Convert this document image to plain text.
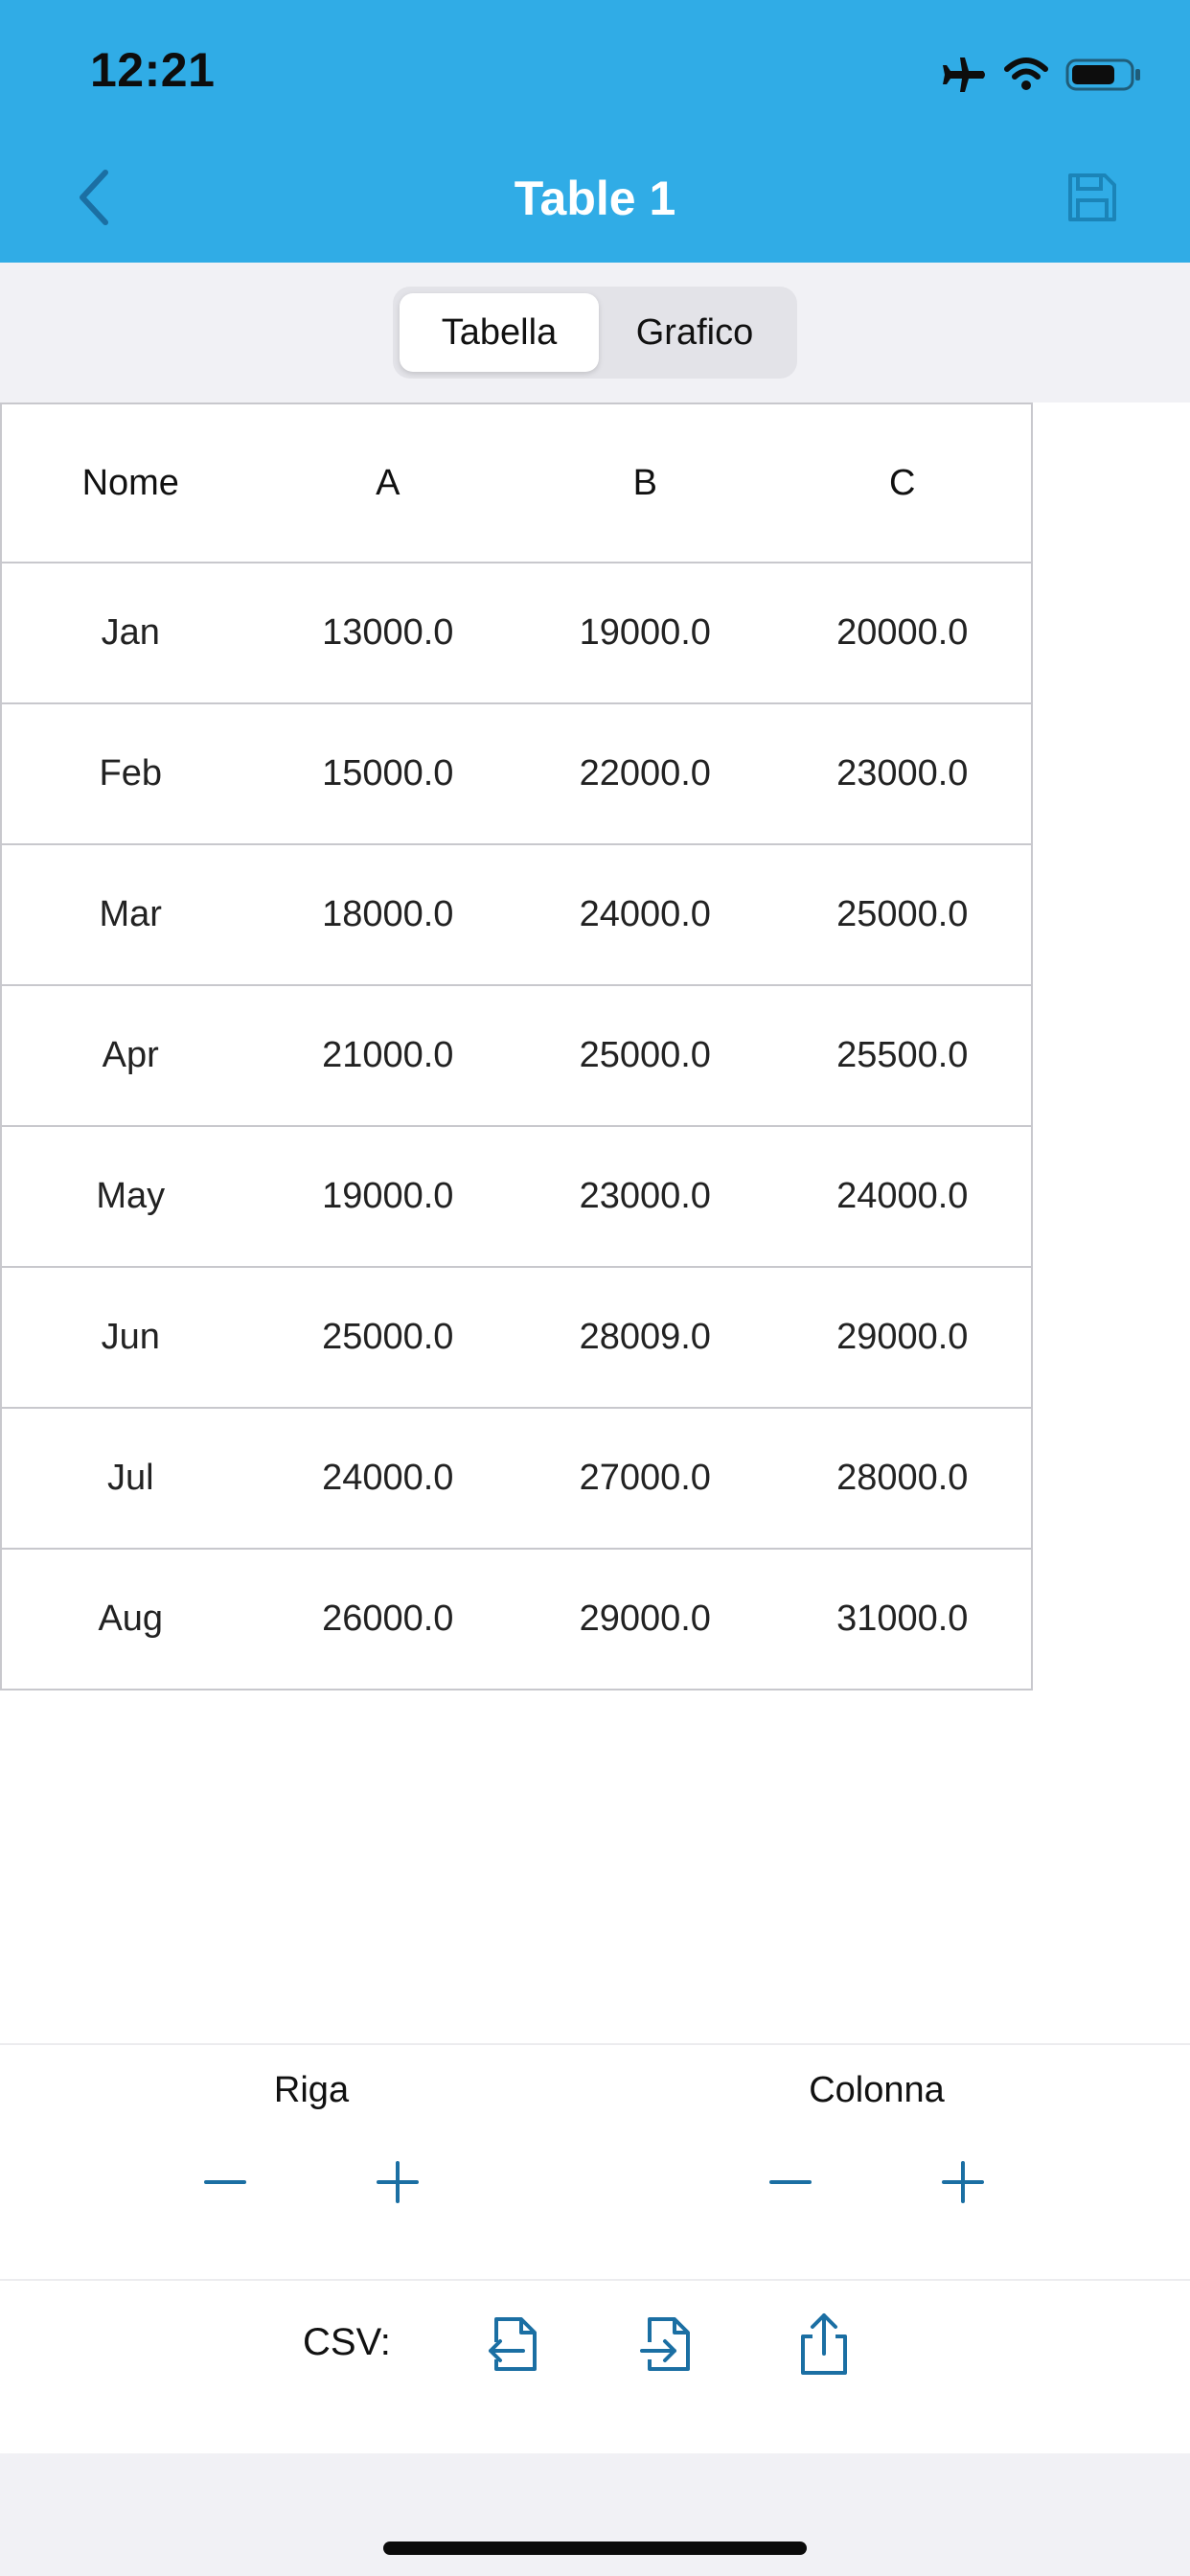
12:21
Table 1
Tabella	Grafico
Nome	A	B	C
Jan	13000.0	19000.0	20000.0
Feb	15000.0	22000.0	23000.0
Mar	18000.0	24000.0	25000.0
Apr	21000.0	25000.0	25500.0
May	19000.0	23000.0	24000.0
Jun	25000.0	28009.0	29000.0
Jul	24000.0	27000.0	28000.0
Aug	26000.0	29000.0	31000.0
Riga	Colonna
CSV:
